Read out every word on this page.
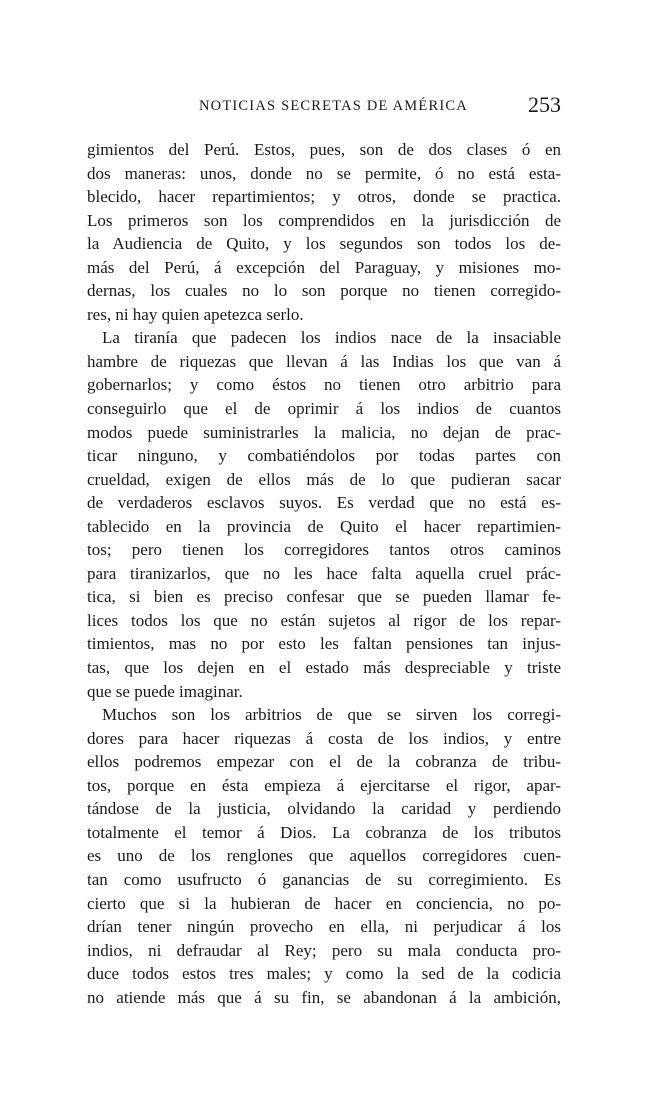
NOTICIAS SECRETAS DE AMÉRICA	253
gimientos del Perú. Estos, pues, son de dos clases ó en
dos maneras: unos, donde no se permite, ó no está esta-
blecido, hacer repartimientos; y otros, donde se practica.
Los primeros son los comprendidos en la jurisdicción de
la Audiencia de Quito, y los segundos son todos los de-
más del Perú, á excepción del Paraguay, y misiones mo-
dernas, los cuales no lo son porque no tienen corregido-
res, ni hay quien apetezca serlo.
La tiranía que padecen los indios nace de la insaciable
hambre de riquezas que llevan á las Indias los que van á
gobernarlos; y como éstos no tienen otro arbitrio para
conseguirlo que el de oprimir á los indios de cuantos
modos puede suministrarles la malicia, no dejan de prac-
ticar ninguno, y combatiéndolos por todas partes con
crueldad, exigen de ellos más de lo que pudieran sacar
de verdaderos esclavos suyos. Es verdad que no está es-
tablecido en la provincia de Quito el hacer repartimien-
tos; pero tienen los corregidores tantos otros caminos
para tiranizarlos, que no les hace falta aquella cruel prác-
tica, si bien es preciso confesar que se pueden llamar fe-
lices todos los que no están sujetos al rigor de los repar-
timientos, mas no por esto les faltan pensiones tan injus-
tas, que los dejen en el estado más despreciable y triste
que se puede imaginar.
Muchos son los arbitrios de que se sirven los corregi-
dores para hacer riquezas á costa de los indios, y entre
ellos podremos empezar con el de la cobranza de tribu-
tos, porque en ésta empieza á ejercitarse el rigor, apar-
tándose de la justicia, olvidando la caridad y perdiendo
totalmente el temor á Dios. La cobranza de los tributos
es uno de los renglones que aquellos corregidores cuen-
tan como usufructo ó ganancias de su corregimiento. Es
cierto que si la hubieran de hacer en conciencia, no po-
drían tener ningún provecho en ella, ni perjudicar á los
indios, ni defraudar al Rey; pero su mala conducta pro-
duce todos estos tres males; y como la sed de la codicia
no atiende más que á su fin, se abandonan á la ambición,
